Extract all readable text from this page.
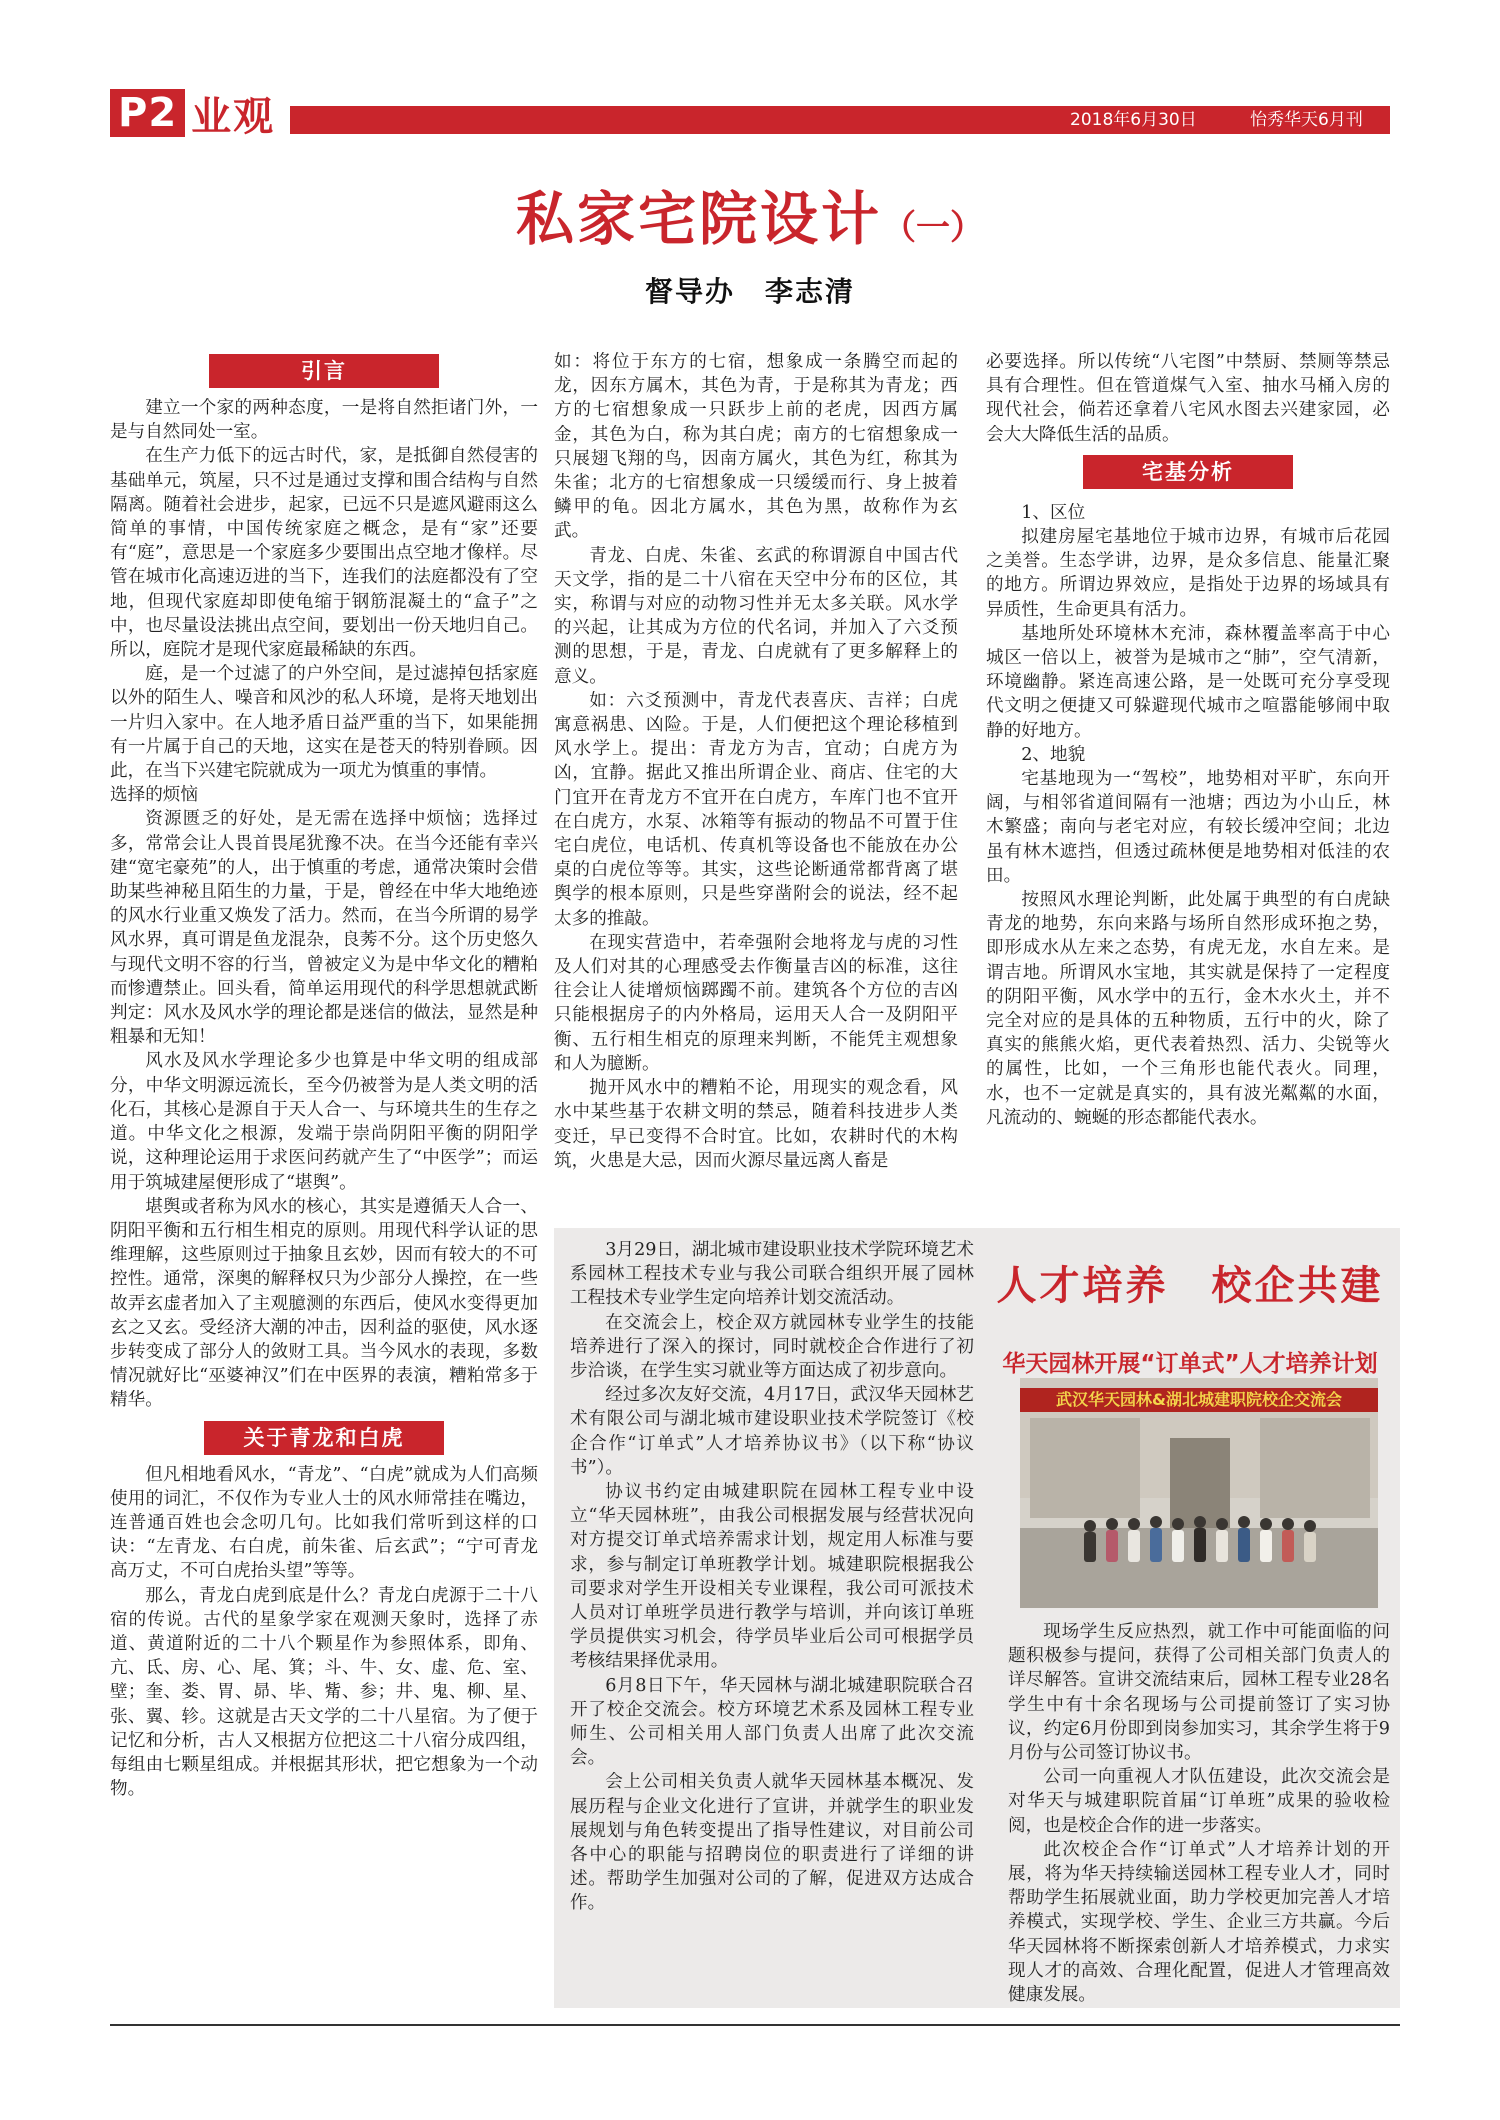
P2 业观	2018年6月30日	怡秀华天6月刊
私家宅院设计（一）
督导办　李志清
引言

建立一个家的两种态度，一是将自然拒诸门外，一是与自然同处一室。

在生产力低下的远古时代，家，是抵御自然侵害的基础单元，筑屋，只不过是通过支撑和围合结构与自然隔离。随着社会进步，起家，已远不只是遮风避雨这么简单的事情，中国传统家庭之概念，是有“家”还要有“庭”，意思是一个家庭多少要围出点空地才像样。尽管在城市化高速迈进的当下，连我们的法庭都没有了空地，但现代家庭却即使龟缩于钢筋混凝土的“盒子”之中，也尽量设法挑出点空间，要划出一份天地归自己。所以，庭院才是现代家庭最稀缺的东西。

庭，是一个过滤了的户外空间，是过滤掉包括家庭以外的陌生人、噪音和风沙的私人环境，是将天地划出一片归入家中。在人地矛盾日益严重的当下，如果能拥有一片属于自己的天地，这实在是苍天的特别眷顾。因此，在当下兴建宅院就成为一项尤为慎重的事情。

选择的烦恼

资源匮乏的好处，是无需在选择中烦恼；选择过多，常常会让人畏首畏尾犹豫不决。在当今还能有幸兴建“宽宅豪苑”的人，出于慎重的考虑，通常决策时会借助某些神秘且陌生的力量，于是，曾经在中华大地绝迹的风水行业重又焕发了活力。然而，在当今所谓的易学风水界，真可谓是鱼龙混杂，良莠不分。这个历史悠久与现代文明不容的行当，曾被定义为是中华文化的糟粕而惨遭禁止。回头看，简单运用现代的科学思想就武断判定：风水及风水学的理论都是迷信的做法，显然是种粗暴和无知！

风水及风水学理论多少也算是中华文明的组成部分，中华文明源远流长，至今仍被誉为是人类文明的活化石，其核心是源自于天人合一、与环境共生的生存之道。中华文化之根源，发端于崇尚阴阳平衡的阴阳学说，这种理论运用于求医问药就产生了“中医学”；而运用于筑城建屋便形成了“堪舆”。

堪舆或者称为风水的核心，其实是遵循天人合一、阴阳平衡和五行相生相克的原则。用现代科学认证的思维理解，这些原则过于抽象且玄妙，因而有较大的不可控性。通常，深奥的解释权只为少部分人操控，在一些故弄玄虚者加入了主观臆测的东西后，使风水变得更加玄之又玄。受经济大潮的冲击，因利益的驱使，风水逐步转变成了部分人的敛财工具。当今风水的表现，多数情况就好比“巫婆神汉”们在中医界的表演，糟粕常多于精华。

关于青龙和白虎

但凡相地看风水，“青龙”、“白虎”就成为人们高频使用的词汇，不仅作为专业人士的风水师常挂在嘴边，连普通百姓也会念叨几句。比如我们常听到这样的口诀：“左青龙、右白虎，前朱雀、后玄武”；“宁可青龙高万丈，不可白虎抬头望”等等。

那么，青龙白虎到底是什么？青龙白虎源于二十八宿的传说。古代的星象学家在观测天象时，选择了赤道、黄道附近的二十八个颗星作为参照体系，即角、亢、氐、房、心、尾、箕；斗、牛、女、虚、危、室、壁；奎、娄、胃、昴、毕、觜、参；井、鬼、柳、星、张、翼、轸。这就是古天文学的二十八星宿。为了便于记忆和分析，古人又根据方位把这二十八宿分成四组，每组由七颗星组成。并根据其形状，把它想象为一个动物。

如：将位于东方的七宿，想象成一条腾空而起的龙，因东方属木，其色为青，于是称其为青龙；西方的七宿想象成一只跃步上前的老虎，因西方属金，其色为白，称为其白虎；南方的七宿想象成一只展翅飞翔的鸟，因南方属火，其色为红，称其为朱雀；北方的七宿想象成一只缓缓而行、身上披着鳞甲的龟。因北方属水，其色为黑，故称作为玄武。

青龙、白虎、朱雀、玄武的称谓源自中国古代天文学，指的是二十八宿在天空中分布的区位，其实，称谓与对应的动物习性并无太多关联。风水学的兴起，让其成为方位的代名词，并加入了六爻预测的思想，于是，青龙、白虎就有了更多解释上的意义。

如：六爻预测中，青龙代表喜庆、吉祥；白虎寓意祸患、凶险。于是，人们便把这个理论移植到风水学上。提出：青龙方为吉，宜动；白虎方为凶，宜静。据此又推出所谓企业、商店、住宅的大门宜开在青龙方不宜开在白虎方，车库门也不宜开在白虎方，水泵、冰箱等有振动的物品不可置于住宅白虎位，电话机、传真机等设备也不能放在办公桌的白虎位等等。其实，这些论断通常都背离了堪舆学的根本原则，只是些穿凿附会的说法，经不起太多的推敲。

在现实营造中，若牵强附会地将龙与虎的习性及人们对其的心理感受去作衡量吉凶的标准，这往往会让人徒增烦恼踯躅不前。建筑各个方位的吉凶只能根据房子的内外格局，运用天人合一及阴阳平衡、五行相生相克的原理来判断，不能凭主观想象和人为臆断。

抛开风水中的糟粕不论，用现实的观念看，风水中某些基于农耕文明的禁忌，随着科技进步人类变迁，早已变得不合时宜。比如，农耕时代的木构筑，火患是大忌，因而火源尽量远离人畜是

必要选择。所以传统“八宅图”中禁厨、禁厕等禁忌具有合理性。但在管道煤气入室、抽水马桶入房的现代社会，倘若还拿着八宅风水图去兴建家园，必会大大降低生活的品质。

宅基分析

1、区位

拟建房屋宅基地位于城市边界，有城市后花园之美誉。生态学讲，边界，是众多信息、能量汇聚的地方。所谓边界效应，是指处于边界的场域具有异质性，生命更具有活力。

基地所处环境林木充沛，森林覆盖率高于中心城区一倍以上，被誉为是城市之“肺”，空气清新，环境幽静。紧连高速公路，是一处既可充分享受现代文明之便捷又可躲避现代城市之喧嚣能够闹中取静的好地方。

2、地貌

宅基地现为一“驾校”，地势相对平旷，东向开阔，与相邻省道间隔有一池塘；西边为小山丘，林木繁盛；南向与老宅对应，有较长缓冲空间；北边虽有林木遮挡，但透过疏林便是地势相对低洼的农田。

按照风水理论判断，此处属于典型的有白虎缺青龙的地势，东向来路与场所自然形成环抱之势，即形成水从左来之态势，有虎无龙，水自左来。是谓吉地。所谓风水宝地，其实就是保持了一定程度的阴阳平衡，风水学中的五行，金木水火土，并不完全对应的是具体的五种物质，五行中的火，除了真实的熊熊火焰，更代表着热烈、活力、尖锐等火的属性，比如，一个三角形也能代表火。同理，水，也不一定就是真实的，具有波光粼粼的水面，凡流动的、蜿蜒的形态都能代表水。

3月29日，湖北城市建设职业技术学院环境艺术系园林工程技术专业与我公司联合组织开展了园林工程技术专业学生定向培养计划交流活动。

在交流会上，校企双方就园林专业学生的技能培养进行了深入的探讨，同时就校企合作进行了初步洽谈，在学生实习就业等方面达成了初步意向。

经过多次友好交流，4月17日，武汉华天园林艺术有限公司与湖北城市建设职业技术学院签订《校企合作“订单式”人才培养协议书》（以下称“协议书”）。

协议书约定由城建职院在园林工程专业中设立“华天园林班”，由我公司根据发展与经营状况向对方提交订单式培养需求计划，规定用人标准与要求，参与制定订单班教学计划。城建职院根据我公司要求对学生开设相关专业课程，我公司可派技术人员对订单班学员进行教学与培训，并向该订单班学员提供实习机会，待学员毕业后公司可根据学员考核结果择优录用。

6月8日下午，华天园林与湖北城建职院联合召开了校企交流会。校方环境艺术系及园林工程专业师生、公司相关用人部门负责人出席了此次交流会。

会上公司相关负责人就华天园林基本概况、发展历程与企业文化进行了宣讲，并就学生的职业发展规划与角色转变提出了指导性建议，对目前公司各中心的职能与招聘岗位的职责进行了详细的讲述。帮助学生加强对公司的了解，促进双方达成合作。

人才培养　校企共建
华天园林开展“订单式”人才培养计划
武汉华天园林&湖北城建职院校企交流会

现场学生反应热烈，就工作中可能面临的问题积极参与提问，获得了公司相关部门负责人的详尽解答。宣讲交流结束后，园林工程专业28名学生中有十余名现场与公司提前签订了实习协议，约定6月份即到岗参加实习，其余学生将于9月份与公司签订协议书。

公司一向重视人才队伍建设，此次交流会是对华天与城建职院首届“订单班”成果的验收检阅，也是校企合作的进一步落实。

此次校企合作“订单式”人才培养计划的开展，将为华天持续输送园林工程专业人才，同时帮助学生拓展就业面，助力学校更加完善人才培养模式，实现学校、学生、企业三方共赢。今后华天园林将不断探索创新人才培养模式，力求实现人才的高效、合理化配置，促进人才管理高效健康发展。
